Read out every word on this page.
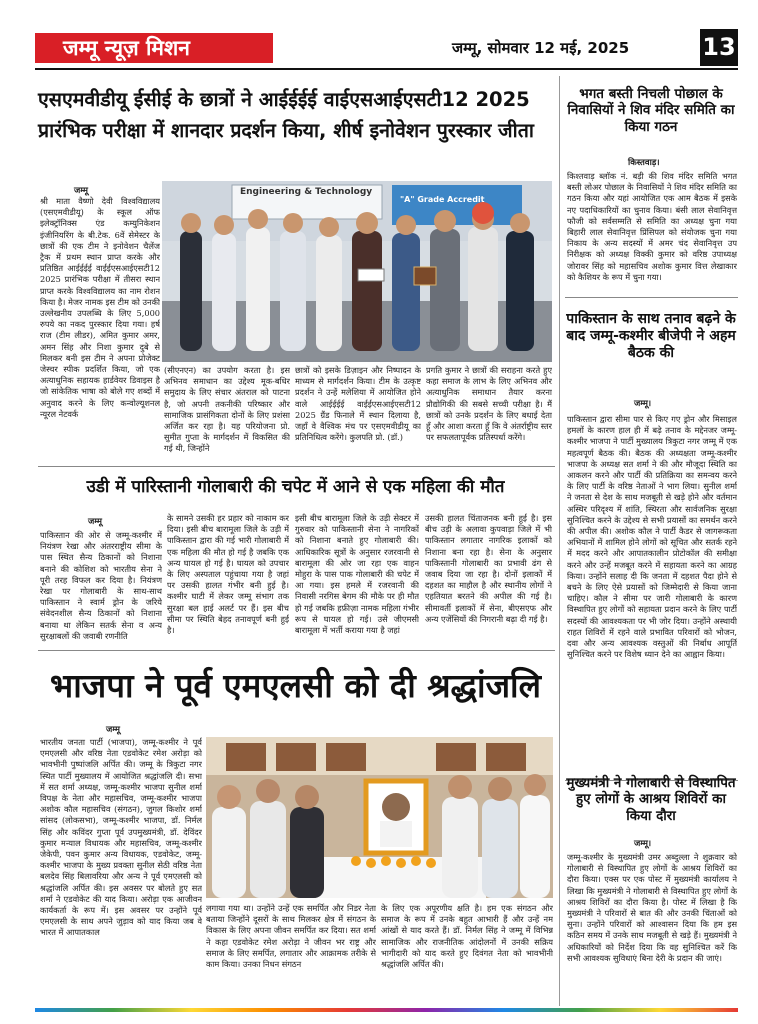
जम्मू न्यूज़ मिशन	जम्मू, सोमवार 12 मई, 2025	13
एसएमवीडीयू ईसीई के छात्रों ने आईईईई वाईएसआईएसटी12 2025 प्रारंभिक परीक्षा में शानदार प्रदर्शन किया, शीर्ष इनोवेशन पुरस्कार जीता
जम्मू
श्री माता वैष्णो देवी विश्वविद्यालय (एसएमवीडीयू) के स्कूल ऑफ इलेक्ट्रॉनिक्स एंड कम्युनिकेशन इंजीनियरिंग के बी.टेक. 6वें सेमेस्टर के छात्रों की एक टीम ने इनोवेशन चैलेंज ट्रैक में प्रथम स्थान प्राप्त करके और प्रतिष्ठित आईईईई वाईईएसआईएसटी12 2025 प्रारंभिक परीक्षा में तीसरा स्थान प्राप्त करके विश्वविद्यालय का नाम रोशन किया है। मेजर नामक इस टीम को उनकी उल्लेखनीय उपलब्धि के लिए 5,000 रुपये का नकद पुरस्कार दिया गया। हर्ष राज (टीम लीडर), अमित कुमार अमर, अमन सिंह और निशा कुमार दुबे से मिलकर बनी इस टीम ने अपना प्रोजेक्ट जेस्चर स्पीक प्रदर्शित किया, जो एक अत्याधुनिक सहायक हार्डवेयर डिवाइस है जो सांकेतिक भाषा को बोले गए शब्दों में अनुवाद करने के लिए कन्वोल्यूशनल न्यूरल नेटवर्क
Engineering & Technology
"A" Grade Accredit
(सीएनएन) का उपयोग करता है। इस अभिनव समाधान का उद्देश्य मूक-बधिर समुदाय के लिए संचार अंतराल को पाटना है, जो अपनी तकनीकी परिष्कार और सामाजिक प्रासंगिकता दोनों के लिए प्रशंसा अर्जित कर रहा है। यह परियोजना प्रो. सुमीत गुप्ता के मार्गदर्शन में विकसित की गई थी, जिन्होंने
छात्रों को इसके डिज़ाइन और निष्पादन के माध्यम से मार्गदर्शन किया। टीम के उत्कृष्ट प्रदर्शन ने उन्हें मलेशिया में आयोजित होने वाले आईईईई वाईईएसआईएसटी12 2025 ग्रैंड फिनाले में स्थान दिलाया है, जहाँ वे वैश्विक मंच पर एसएमवीडीयू का प्रतिनिधित्व करेंगे। कुलपति प्रो. (डॉ.)
प्रगति कुमार ने छात्रों की सराहना करते हुए कहा समाज के लाभ के लिए अभिनव और अत्याधुनिक समाधान तैयार करना प्रौद्योगिकी की सबसे सच्ची परीक्षा है। मैं छात्रों को उनके प्रदर्शन के लिए बधाई देता हूँ और आशा करता हूँ कि वे अंतर्राष्ट्रीय स्तर पर सफलतापूर्वक प्रतिस्पर्धा करेंगे।
उडी में पारिस्तानी गोलाबारी की चपेट में आने से एक महिला की मौत
जम्मू
पाकिस्तान की ओर से जम्मू-कश्मीर में नियंत्रण रेखा और अंतरराष्ट्रीय सीमा के पास स्थित सैन्य ठिकानों को निशाना बनाने की कोशिश को भारतीय सेना ने पूरी तरह विफल कर दिया है। नियंत्रण रेखा पर गोलाबारी के साथ-साथ पाकिस्तान ने स्वार्म ड्रोन के जरिये संवेदनशील सैन्य ठिकानों को निशाना बनाया था लेकिन सतर्क सेना व अन्य सुरक्षाबलों की जवाबी रणनीति
के सामने उसकी हर प्रहार को नाकाम कर दिया। इसी बीच बारामूला जिले के उड़ी में पाकिस्तान द्वारा की गई भारी गोलाबारी में एक महिला की मौत हो गई है जबकि एक अन्य घायल हो गई है। घायल को उपचार के लिए अस्पताल पहुंचाया गया है जहां पर उसकी हालत गंभीर बनी हुई है। कश्मीर घाटी में लेकर जम्मू संभाग तक सुरक्षा बल हाई अलर्ट पर हैं। इस बीच सीमा पर स्थिति बेहद तनावपूर्ण बनी हुई है।
इसी बीच बारामूला जिले के उड़ी सेक्टर में गुरुवार को पाकिस्तानी सेना ने नागरिकों को निशाना बनाते हुए गोलाबारी की। आधिकारिक सूत्रों के अनुसार रजरवानी से बारामूला की ओर जा रहा एक वाहन मोहुरा के पास पाक गोलाबारी की चपेट में आ गया। इस हमले में रजरवानी की निवासी नरगिस बेगम की मौके पर ही मौत हो गई जबकि हफ़ीज़ा नामक महिला गंभीर रूप से घायल हो गई। उसे जीएमसी बारामूला में भर्ती कराया गया है जहां
उसकी हालत चिंताजनक बनी हुई है। इस बीच उड़ी के अलावा कुपवाड़ा जिले में भी पाकिस्तान लगातार नागरिक इलाकों को निशाना बना रहा है। सेना के अनुसार पाकिस्तानी गोलाबारी का प्रभावी ढंग से जवाब दिया जा रहा है। दोनों इलाकों में दहशत का माहौल है और स्थानीय लोगों ने एहतियात बरतने की अपील की गई है। सीमावर्ती इलाकों में सेना, बीएसएफ और अन्य एजेंसियों की निगरानी बढ़ा दी गई है।
भाजपा ने पूर्व एमएलसी को दी श्रद्धांजलि
जम्मू
भारतीय जनता पार्टी (भाजपा), जम्मू-कश्मीर ने पूर्व एमएलसी और वरिष्ठ नेता एडवोकेट रमेश अरोड़ा को भावभीनी पुष्पांजलि अर्पित की। जम्मू के त्रिकुटा नगर स्थित पार्टी मुख्यालय में आयोजित श्रद्धांजलि दी। सभा में सत शर्मा अध्यक्ष, जम्मू-कश्मीर भाजपा सुनील शर्मा विपक्ष के नेता और महासचिव, जम्मू-कश्मीर भाजपा अशोक कौल महासचिव (संगठन), जुगल किशोर शर्मा सांसद (लोकसभा), जम्मू-कश्मीर भाजपा, डॉ. निर्मल सिंह और कविंदर गुप्ता पूर्व उपमुख्यमंत्री, डॉ. देविंदर कुमार मन्याल विधायक और महासचिव, जम्मू-कश्मीर जेकेपी, पवन कुमार अन्य विधायक, एडवोकेट, जम्मू-कश्मीर भाजपा के मुख्य प्रवक्ता सुनील सेठी वरिष्ठ नेता बलदेव सिंह बिलावरिया और अन्य ने पूर्व एमएलसी को श्रद्धांजलि अर्पित की। इस अवसर पर बोलते हुए सत शर्मा ने एडवोकेट की याद किया। अरोड़ा एक आजीवन कार्यकर्ता के रूप में। इस अवसर पर उन्होंने पूर्व एमएलसी के साथ अपने जुड़ाव को याद किया जब वे भारत में आपातकाल
लगाया गया था। उन्होंने उन्हें एक समर्पित और निडर नेता बताया जिन्होंने दूसरों के साथ मिलकर क्षेत्र में संगठन के विकास के लिए अपना जीवन समर्पित कर दिया। सत शर्मा ने कहा एडवोकेट रमेश अरोड़ा ने जीवन भर राष्ट्र और समाज के लिए समर्पित, लगातार और आक्रामक तरीके से काम किया। उनका निधन संगठन
के लिए एक अपूरणीय क्षति है। हम एक संगठन और समाज के रूप में उनके बहुत आभारी हैं और उन्हें नम आंखों से याद करते हैं। डॉ. निर्मल सिंह ने जम्मू में विभिन्न सामाजिक और राजनीतिक आंदोलनों में उनकी सक्रिय भागीदारी को याद करते हुए दिवंगत नेता को भावभीनी श्रद्धांजलि अर्पित की।
भगत बस्ती निचली पोछाल के निवासियों ने शिव मंदिर समिति का किया गठन
किस्तवाड़।
किश्तवाड़ ब्लॉक नं. बड़ी की शिव मंदिर समिति भगत बस्ती लोअर पोछाल के निवासियों ने शिव मंदिर समिति का गठन किया और यहां आयोजित एक आम बैठक में इसके नए पदाधिकारियों का चुनाव किया। बंसी लाल सेवानिवृत्त फौजी को सर्वसम्मति से समिति का अध्यक्ष चुना गया बिहारी लाल सेवानिवृत्त प्रिंसिपल को संयोजक चुना गया निकाय के अन्य सदस्यों में अमर चंद सेवानिवृत्त उप निरीक्षक को अध्यक्ष विक्की कुमार को वरिष्ठ उपाध्यक्ष जोरावर सिंह को महासचिव अशोक कुमार वित्त लेखाकार को कैशियर के रूप में चुना गया।
पाकिस्तान के साथ तनाव बढ़ने के बाद जम्मू-कश्मीर बीजेपी ने अहम बैठक की
जम्मू।
पाकिस्तान द्वारा सीमा पार से किए गए ड्रोन और मिसाइल हमलों के कारण हाल ही में बढ़े तनाव के मद्देनजर जम्मू-कश्मीर भाजपा ने पार्टी मुख्यालय त्रिकुटा नगर जम्मू में एक महत्वपूर्ण बैठक की। बैठक की अध्यक्षता जम्मू-कश्मीर भाजपा के अध्यक्ष सत शर्मा ने की और मौजूदा स्थिति का आकलन करने और पार्टी की प्रतिक्रिया का समन्वय करने के लिए पार्टी के वरिष्ठ नेताओं ने भाग लिया। सुनील शर्मा ने जनता से देश के साथ मजबूती से खड़े होने और वर्तमान अस्थिर परिदृश्य में शांति, स्थिरता और सार्वजनिक सुरक्षा सुनिश्चित करने के उद्देश्य से सभी प्रयासों का समर्थन करने की अपील की। अशोक कौल ने पार्टी कैडर से जागरूकता अभियानों में शामिल होने लोगों को सूचित और सतर्क रहने में मदद करने और आपातकालीन प्रोटोकॉल की समीक्षा करने और उन्हें मजबूत करने में सहायता करने का आग्रह किया। उन्होंने सलाह दी कि जनता में दहशत पैदा होने से बचने के लिए ऐसे प्रयासों को जिम्मेदारी से किया जाना चाहिए। कौल ने सीमा पर जारी गोलाबारी के कारण विस्थापित हुए लोगों को सहायता प्रदान करने के लिए पार्टी सदस्यों की आवश्यकता पर भी जोर दिया। उन्होंने अस्थायी राहत शिविरों में रहने वाले प्रभावित परिवारों को भोजन, दवा और अन्य आवश्यक वस्तुओं की निर्बाध आपूर्ति सुनिश्चित करने पर विशेष ध्यान देने का आह्वान किया।
मुख्यमंत्री ने गोलाबारी से विस्थापित हुए लोगों के आश्रय शिविरों का किया दौरा
जम्मू।
जम्मू-कश्मीर के मुख्यमंत्री उमर अब्दुल्ला ने शुक्रवार को गोलाबारी से विस्थापित हुए लोगों के आश्रय शिविरों का दौरा किया। एक्स पर एक पोस्ट में मुख्यमंत्री कार्यालय ने लिखा कि मुख्यमंत्री ने गोलाबारी से विस्थापित हुए लोगों के आश्रय शिविरों का दौरा किया है। पोस्ट में लिखा है कि मुख्यमंत्री ने परिवारों से बात की और उनकी चिंताओं को सुना। उन्होंने परिवारों को आश्वासन दिया कि हम इस कठिन समय में उनके साथ मजबूती से खड़े हैं। मुख्यमंत्री ने अधिकारियों को निर्देश दिया कि वह सुनिश्चित करें कि सभी आवश्यक सुविधाएं बिना देरी के प्रदान की जाएं।
